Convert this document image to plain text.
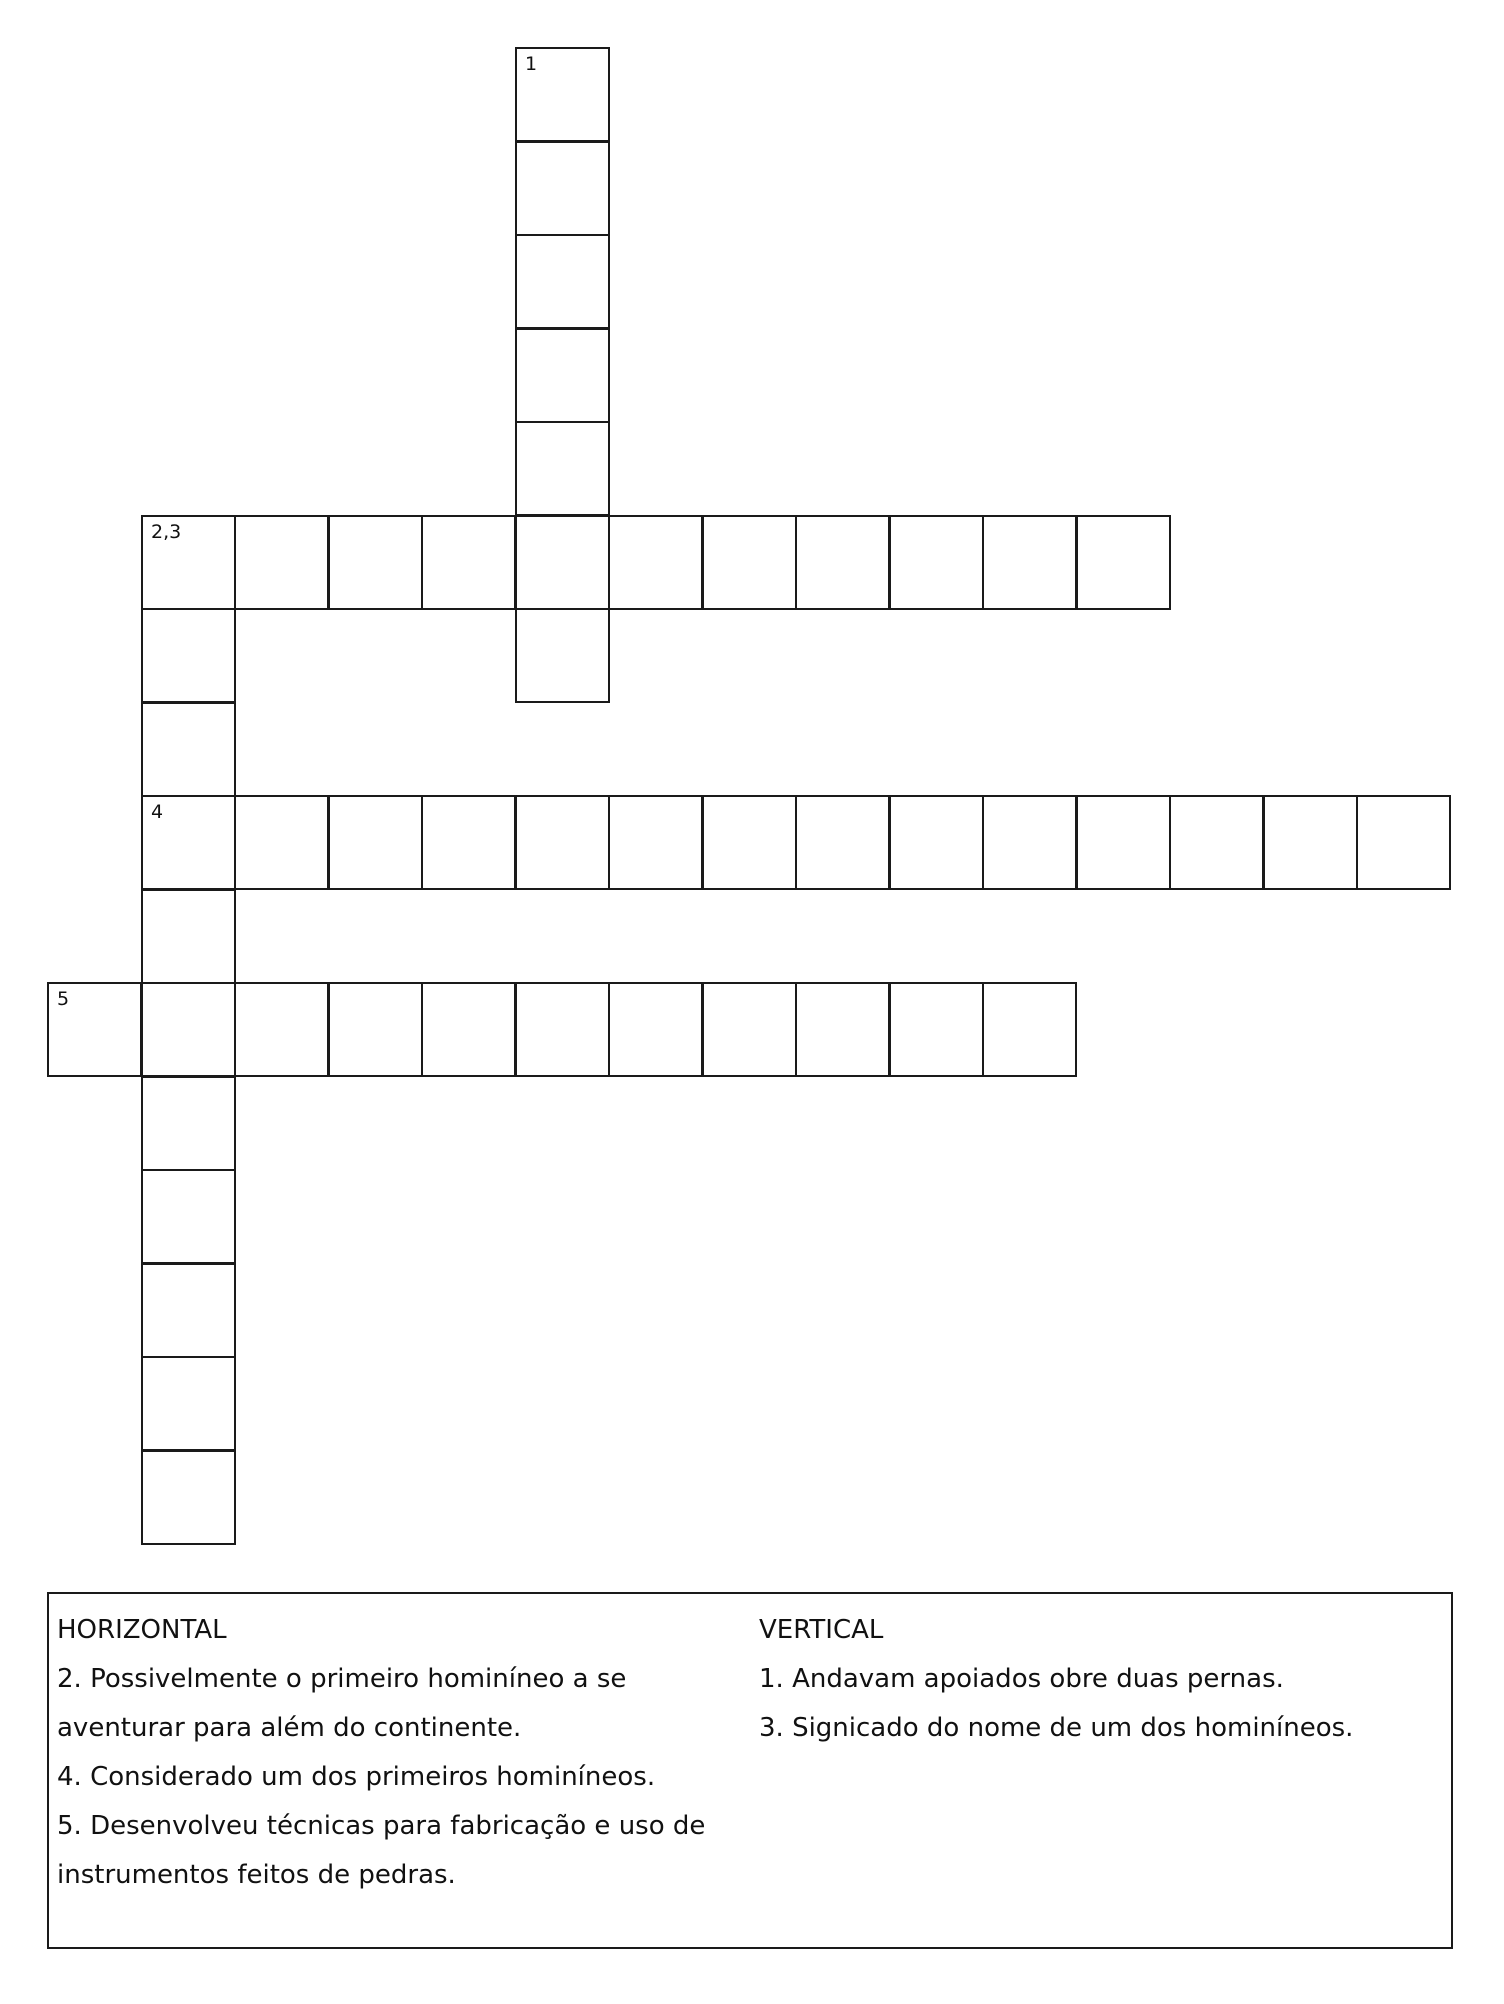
1
2,3
4
5
HORIZONTAL
2. Possivelmente o primeiro hominíneo a se
aventurar para além do continente.
4. Considerado um dos primeiros hominíneos.
5. Desenvolveu técnicas para fabricação e uso de
instrumentos feitos de pedras.
VERTICAL
1. Andavam apoiados obre duas pernas.
3. Signicado do nome de um dos hominíneos.
